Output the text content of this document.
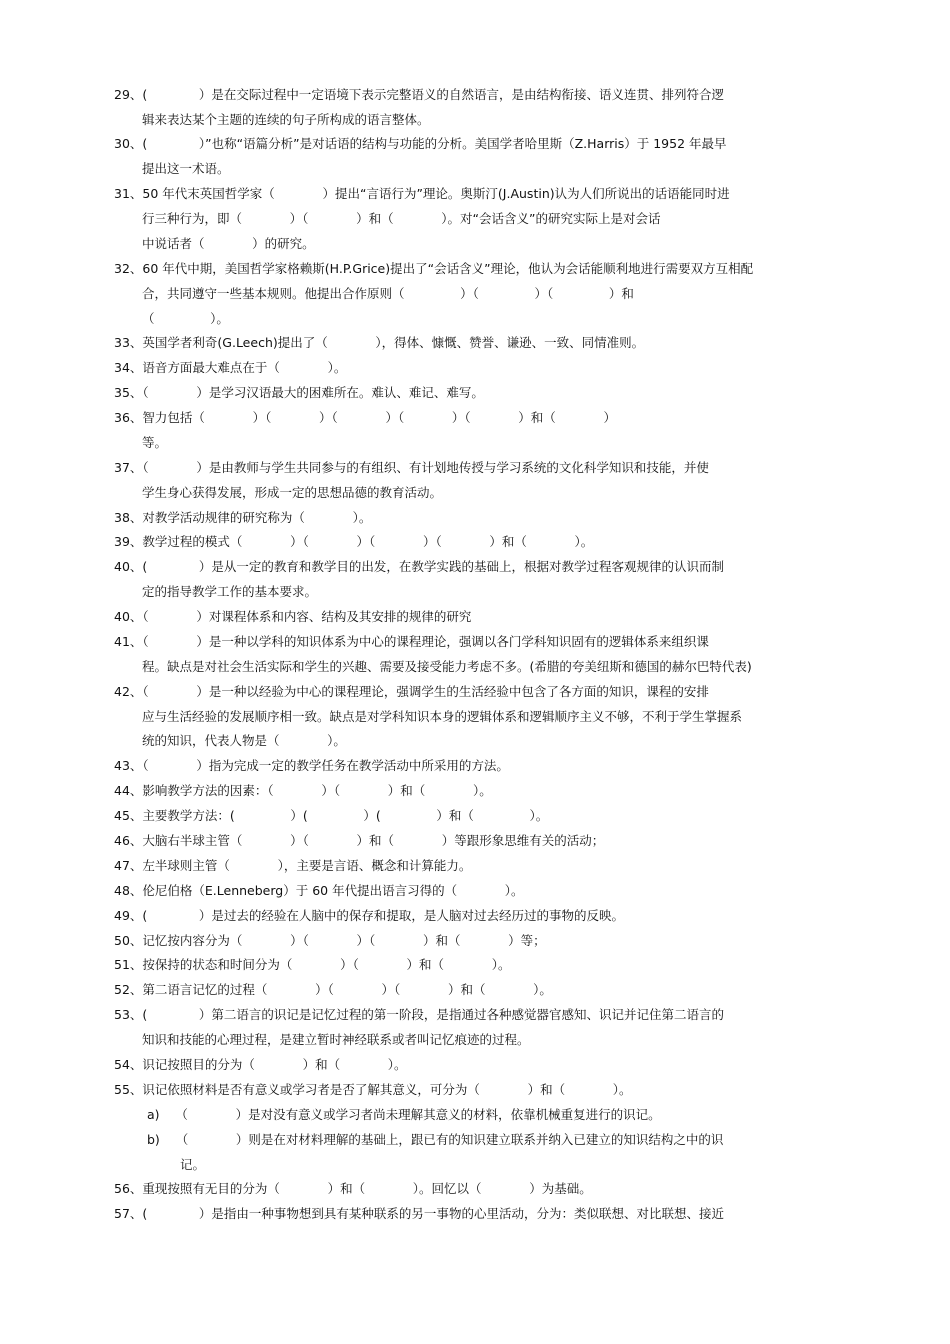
29、(             ）是在交际过程中一定语境下表示完整语义的自然语言，是由结构衔接、语义连贯、排列符合逻
辑来表达某个主题的连续的句子所构成的语言整体。
30、(             ）”也称“语篇分析”是对话语的结构与功能的分析。美国学者哈里斯（Z.Harris）于 1952 年最早
提出这一术语。
31、50 年代末英国哲学家（            ）提出“言语行为”理论。奥斯汀(J.Austin)认为人们所说出的话语能同时进
行三种行为，即（            ）（            ）和（            ）。对“会话含义”的研究实际上是对会话
中说话者（            ）的研究。
32、60 年代中期，美国哲学家格赖斯(H.P.Grice)提出了“会话含义”理论，他认为会话能顺利地进行需要双方互相配
合，共同遵守一些基本规则。他提出合作原则（              ）（              ）（              ）和
（              ）。
33、英国学者利奇(G.Leech)提出了（            ），得体、慷慨、赞誉、谦逊、一致、同情准则。
34、语音方面最大难点在于（            ）。
35、（            ）是学习汉语最大的困难所在。难认、难记、难写。
36、智力包括（            ）（            ）（            ）（            ）（            ）和（            ）
等。
37、（            ）是由教师与学生共同参与的有组织、有计划地传授与学习系统的文化科学知识和技能，并使
学生身心获得发展，形成一定的思想品德的教育活动。
38、对教学活动规律的研究称为（            ）。
39、教学过程的模式（            ）（            ）（            ）（            ）和（            ）。
40、(             ）是从一定的教育和教学目的出发，在教学实践的基础上，根据对教学过程客观规律的认识而制
定的指导教学工作的基本要求。
40、（            ）对课程体系和内容、结构及其安排的规律的研究
41、（            ）是一种以学科的知识体系为中心的课程理论，强调以各门学科知识固有的逻辑体系来组织课
程。缺点是对社会生活实际和学生的兴趣、需要及接受能力考虑不多。(希腊的夸美纽斯和德国的赫尔巴特代表)
42、（            ）是一种以经验为中心的课程理论，强调学生的生活经验中包含了各方面的知识，课程的安排
应与生活经验的发展顺序相一致。缺点是对学科知识本身的逻辑体系和逻辑顺序主义不够，不利于学生掌握系
统的知识，代表人物是（            ）。
43、（            ）指为完成一定的教学任务在教学活动中所采用的方法。
44、影响教学方法的因素：（            ）（            ）和（            ）。
45、主要教学方法：(              ）(              ）(              ）和（              ）。
46、大脑右半球主管（            ）（            ）和（            ）等跟形象思维有关的活动；
47、左半球则主管（            ），主要是言语、概念和计算能力。
48、伦尼伯格（E.Lenneberg）于 60 年代提出语言习得的（            ）。
49、(             ）是过去的经验在人脑中的保存和提取，是人脑对过去经历过的事物的反映。
50、记忆按内容分为（            ）（            ）（            ）和（            ）等；
51、按保持的状态和时间分为（            ）（            ）和（            ）。
52、第二语言记忆的过程（            ）（            ）（            ）和（            ）。
53、(             ）第二语言的识记是记忆过程的第一阶段，是指通过各种感觉器官感知、识记并记住第二语言的
知识和技能的心理过程，是建立暂时神经联系或者叫记忆痕迹的过程。
54、识记按照目的分为（            ）和（            ）。
55、识记依照材料是否有意义或学习者是否了解其意义，可分为（            ）和（            ）。
a)    （            ）是对没有意义或学习者尚未理解其意义的材料，依靠机械重复进行的识记。
b)    （            ）则是在对材料理解的基础上，跟已有的知识建立联系并纳入已建立的知识结构之中的识
记。
56、重现按照有无目的分为（            ）和（            ）。回忆以（            ）为基础。
57、(             ）是指由一种事物想到具有某种联系的另一事物的心里活动，分为：类似联想、对比联想、接近
